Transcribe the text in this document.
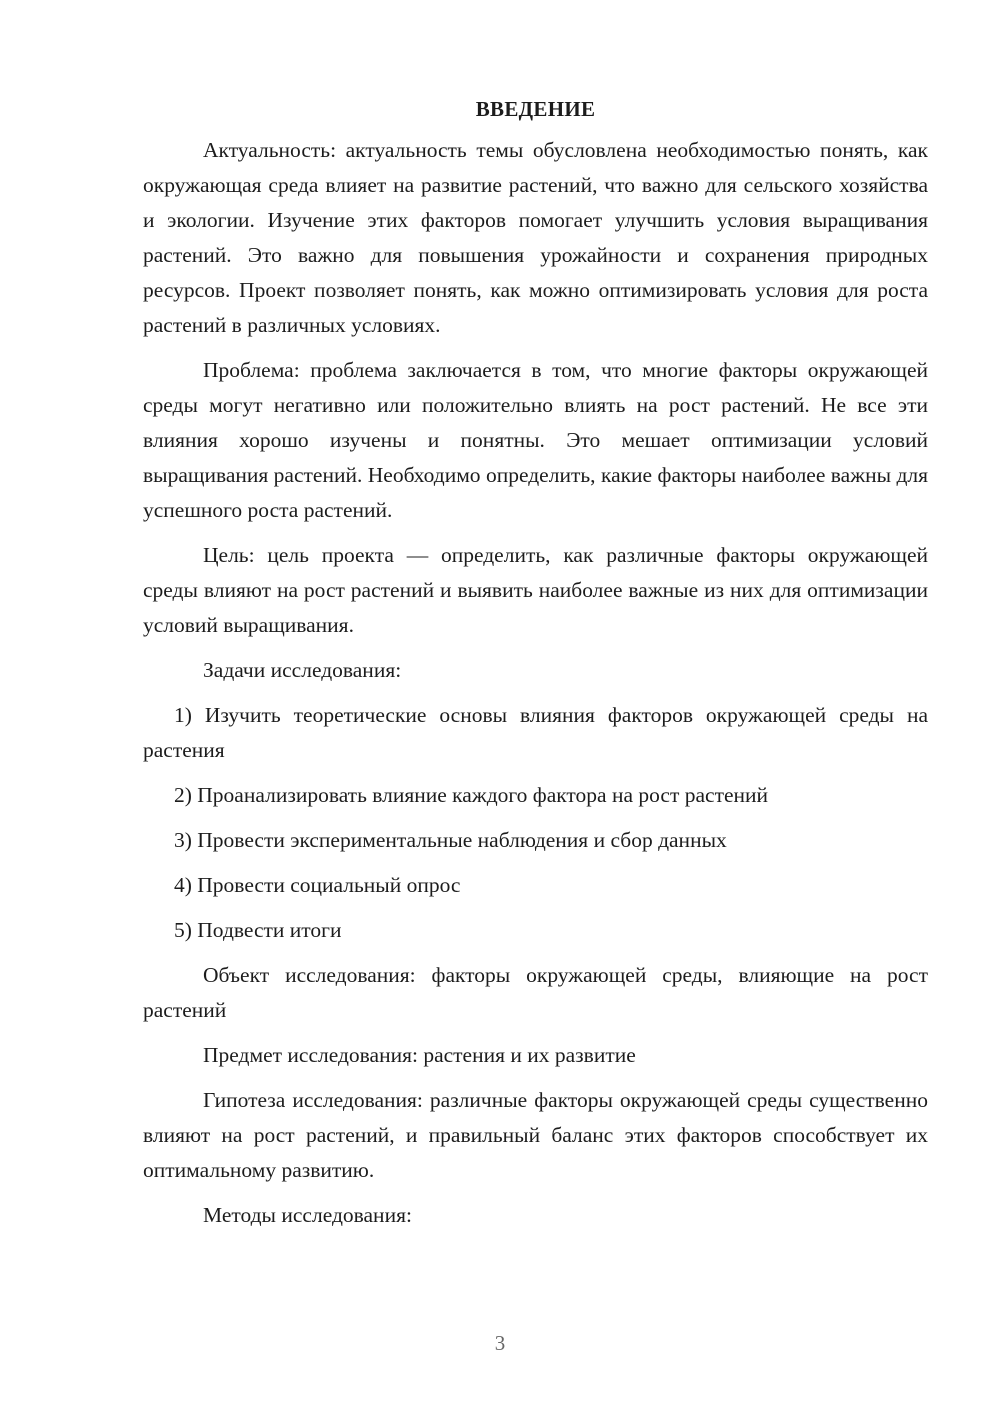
ВВЕДЕНИЕ

Актуальность: актуальность темы обусловлена необходимостью понять, как окружающая среда влияет на развитие растений, что важно для сельского хозяйства и экологии. Изучение этих факторов помогает улучшить условия выращивания растений. Это важно для повышения урожайности и сохранения природных ресурсов. Проект позволяет понять, как можно оптимизировать условия для роста растений в различных условиях.

Проблема: проблема заключается в том, что многие факторы окружающей среды могут негативно или положительно влиять на рост растений. Не все эти влияния хорошо изучены и понятны. Это мешает оптимизации условий выращивания растений. Необходимо определить, какие факторы наиболее важны для успешного роста растений.

Цель: цель проекта — определить, как различные факторы окружающей среды влияют на рост растений и выявить наиболее важные из них для оптимизации условий выращивания.

Задачи исследования:

1) Изучить теоретические основы влияния факторов окружающей среды на растения

2) Проанализировать влияние каждого фактора на рост растений

3) Провести экспериментальные наблюдения и сбор данных

4) Провести социальный опрос

5) Подвести итоги

Объект исследования: факторы окружающей среды, влияющие на рост растений

Предмет исследования: растения и их развитие

Гипотеза исследования: различные факторы окружающей среды существенно влияют на рост растений, и правильный баланс этих факторов способствует их оптимальному развитию.

Методы исследования:

3
